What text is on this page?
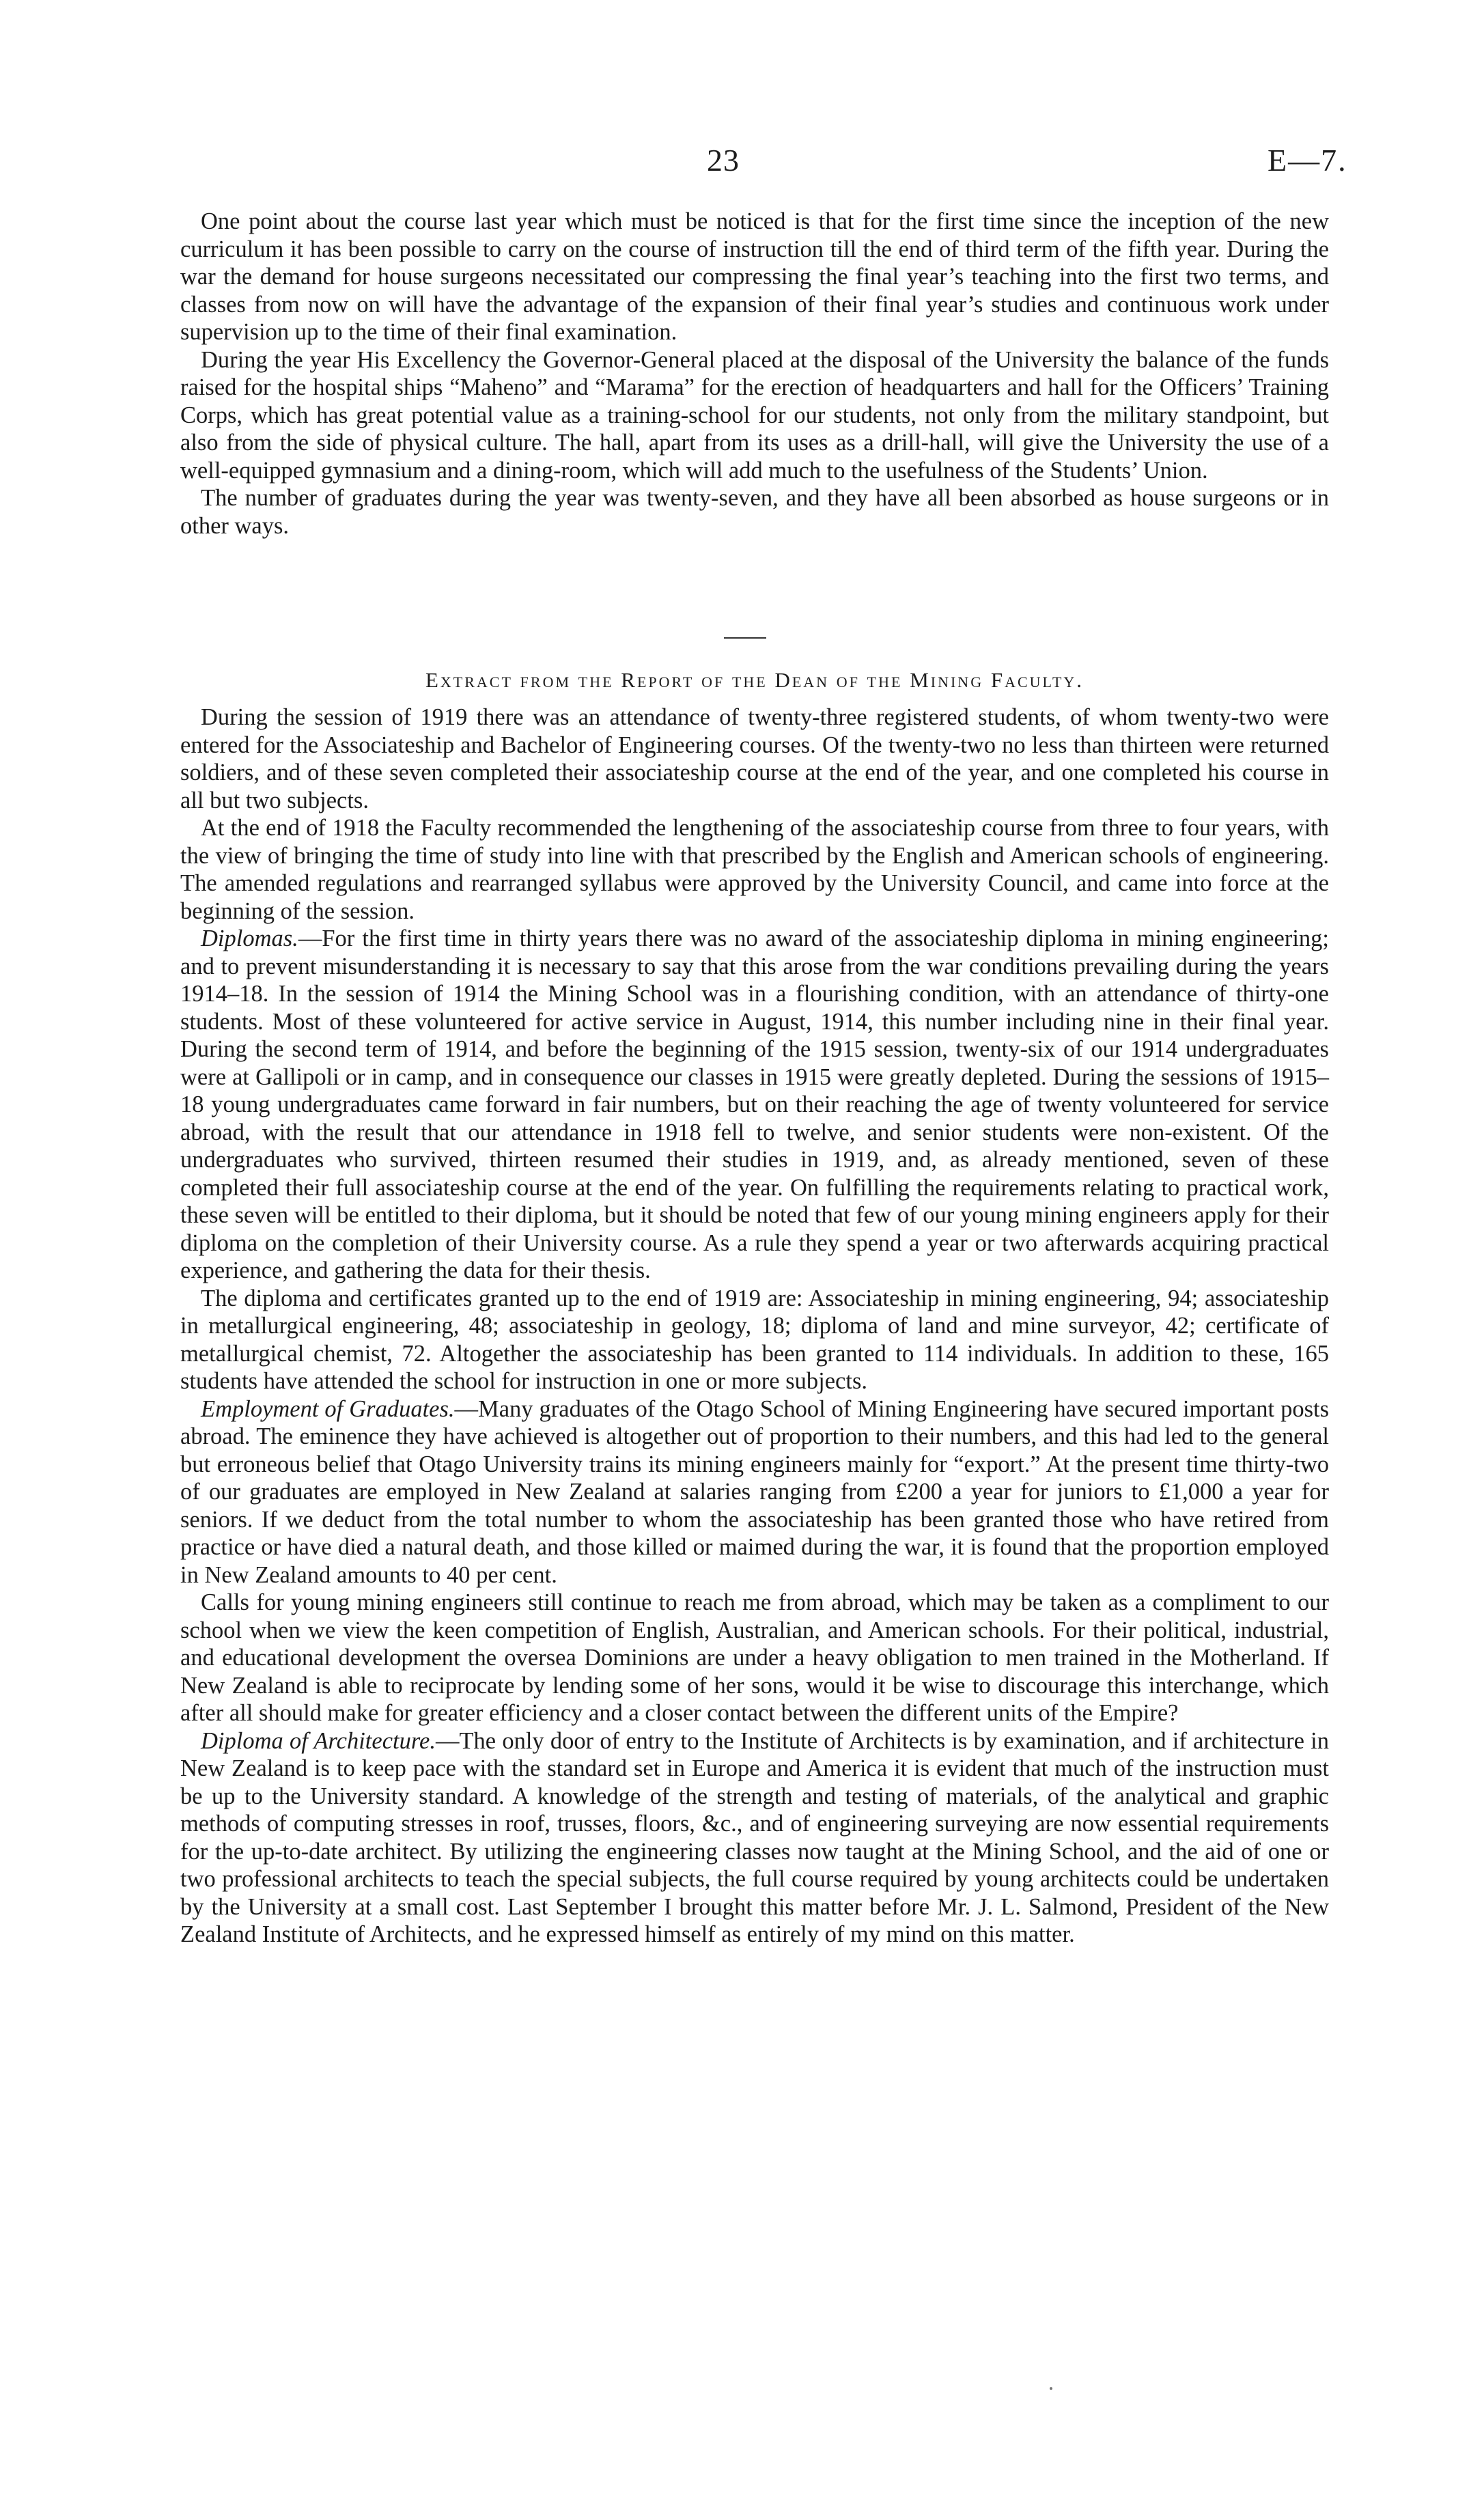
23	E—7.

One point about the course last year which must be noticed is that for the first time since the inception of the new curriculum it has been possible to carry on the course of instruction till the end of third term of the fifth year. During the war the demand for house surgeons necessitated our compressing the final year’s teaching into the first two terms, and classes from now on will have the advantage of the expansion of their final year’s studies and continuous work under supervision up to the time of their final examination.

During the year His Excellency the Governor-General placed at the disposal of the University the balance of the funds raised for the hospital ships “Maheno” and “Marama” for the erection of headquarters and hall for the Officers’ Training Corps, which has great potential value as a training-school for our students, not only from the military standpoint, but also from the side of physical culture. The hall, apart from its uses as a drill-hall, will give the University the use of a well-equipped gymnasium and a dining-room, which will add much to the usefulness of the Students’ Union.

The number of graduates during the year was twenty-seven, and they have all been absorbed as house surgeons or in other ways.

Extract from the Report of the Dean of the Mining Faculty.

During the session of 1919 there was an attendance of twenty-three registered students, of whom twenty-two were entered for the Associateship and Bachelor of Engineering courses. Of the twenty-two no less than thirteen were returned soldiers, and of these seven completed their associateship course at the end of the year, and one completed his course in all but two subjects.

At the end of 1918 the Faculty recommended the lengthening of the associateship course from three to four years, with the view of bringing the time of study into line with that prescribed by the English and American schools of engineering. The amended regulations and rearranged syllabus were approved by the University Council, and came into force at the beginning of the session.

Diplomas.—For the first time in thirty years there was no award of the associateship diploma in mining engineering; and to prevent misunderstanding it is necessary to say that this arose from the war conditions prevailing during the years 1914–18. In the session of 1914 the Mining School was in a flourishing condition, with an attendance of thirty-one students. Most of these volunteered for active service in August, 1914, this number including nine in their final year. During the second term of 1914, and before the beginning of the 1915 session, twenty-six of our 1914 undergraduates were at Gallipoli or in camp, and in consequence our classes in 1915 were greatly depleted. During the sessions of 1915–18 young undergraduates came forward in fair numbers, but on their reaching the age of twenty volunteered for service abroad, with the result that our attendance in 1918 fell to twelve, and senior students were non-existent. Of the undergraduates who survived, thirteen resumed their studies in 1919, and, as already mentioned, seven of these completed their full associateship course at the end of the year. On fulfilling the requirements relating to practical work, these seven will be entitled to their diploma, but it should be noted that few of our young mining engineers apply for their diploma on the completion of their University course. As a rule they spend a year or two afterwards acquiring practical experience, and gathering the data for their thesis.

The diploma and certificates granted up to the end of 1919 are: Associateship in mining engineering, 94; associateship in metallurgical engineering, 48; associateship in geology, 18; diploma of land and mine surveyor, 42; certificate of metallurgical chemist, 72. Altogether the associateship has been granted to 114 individuals. In addition to these, 165 students have attended the school for instruction in one or more subjects.

Employment of Graduates.—Many graduates of the Otago School of Mining Engineering have secured important posts abroad. The eminence they have achieved is altogether out of proportion to their numbers, and this had led to the general but erroneous belief that Otago University trains its mining engineers mainly for “export.” At the present time thirty-two of our graduates are employed in New Zealand at salaries ranging from £200 a year for juniors to £1,000 a year for seniors. If we deduct from the total number to whom the associateship has been granted those who have retired from practice or have died a natural death, and those killed or maimed during the war, it is found that the proportion employed in New Zealand amounts to 40 per cent.

Calls for young mining engineers still continue to reach me from abroad, which may be taken as a compliment to our school when we view the keen competition of English, Australian, and American schools. For their political, industrial, and educational development the oversea Dominions are under a heavy obligation to men trained in the Motherland. If New Zealand is able to reciprocate by lending some of her sons, would it be wise to discourage this interchange, which after all should make for greater efficiency and a closer contact between the different units of the Empire?

Diploma of Architecture.—The only door of entry to the Institute of Architects is by examination, and if architecture in New Zealand is to keep pace with the standard set in Europe and America it is evident that much of the instruction must be up to the University standard. A knowledge of the strength and testing of materials, of the analytical and graphic methods of computing stresses in roof, trusses, floors, &c., and of engineering surveying are now essential requirements for the up-to-date architect. By utilizing the engineering classes now taught at the Mining School, and the aid of one or two professional architects to teach the special subjects, the full course required by young architects could be undertaken by the University at a small cost. Last September I brought this matter before Mr. J. L. Salmond, President of the New Zealand Institute of Architects, and he expressed himself as entirely of my mind on this matter.
